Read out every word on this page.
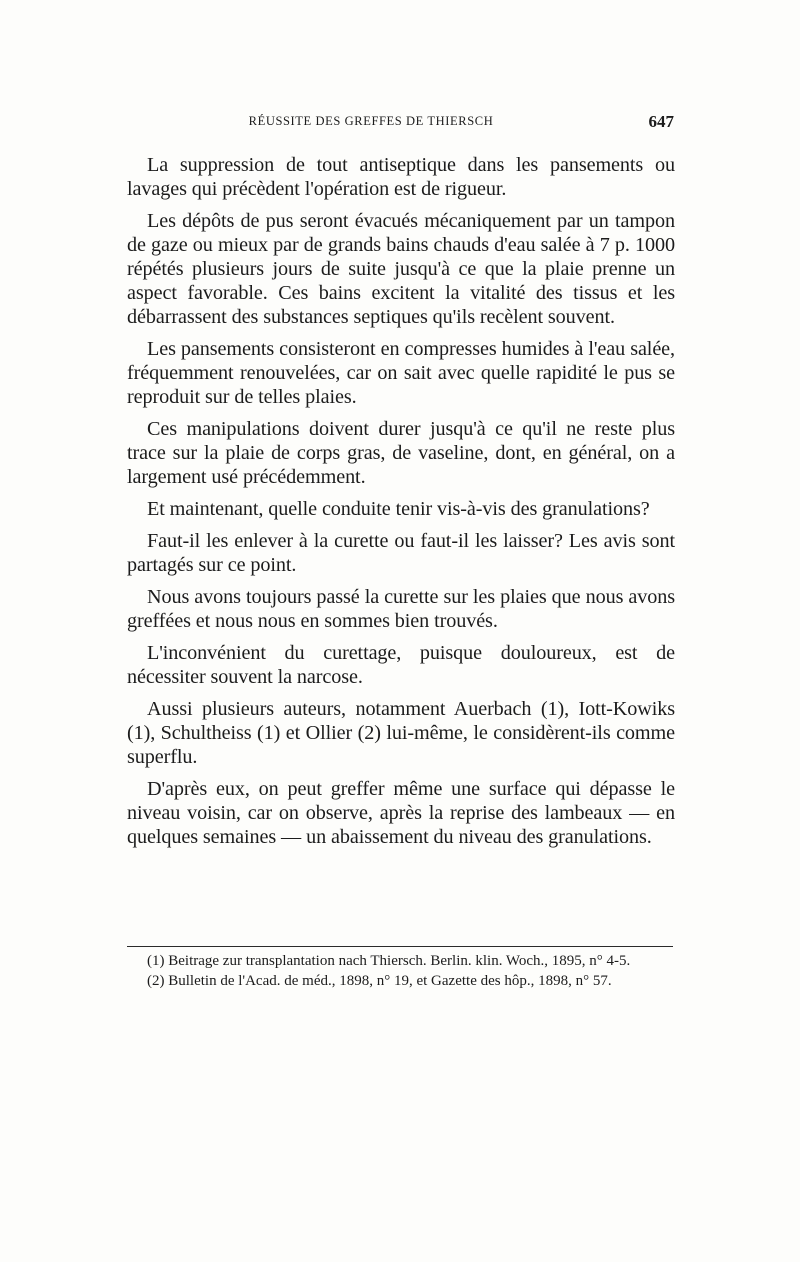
RÉUSSITE DES GREFFES DE THIERSCH	647

La suppression de tout antiseptique dans les pansements ou lavages qui précèdent l'opération est de rigueur.

Les dépôts de pus seront évacués mécaniquement par un tampon de gaze ou mieux par de grands bains chauds d'eau salée à 7 p. 1000 répétés plusieurs jours de suite jusqu'à ce que la plaie prenne un aspect favorable. Ces bains excitent la vitalité des tissus et les débarrassent des substances septiques qu'ils recèlent souvent.

Les pansements consisteront en compresses humides à l'eau salée, fréquemment renouvelées, car on sait avec quelle rapidité le pus se reproduit sur de telles plaies.

Ces manipulations doivent durer jusqu'à ce qu'il ne reste plus trace sur la plaie de corps gras, de vaseline, dont, en général, on a largement usé précédemment.

Et maintenant, quelle conduite tenir vis-à-vis des granulations?

Faut-il les enlever à la curette ou faut-il les laisser? Les avis sont partagés sur ce point.

Nous avons toujours passé la curette sur les plaies que nous avons greffées et nous nous en sommes bien trouvés.

L'inconvénient du curettage, puisque douloureux, est de nécessiter souvent la narcose.

Aussi plusieurs auteurs, notamment Auerbach (1), Iott-Kowiks (1), Schultheiss (1) et Ollier (2) lui-même, le considèrent-ils comme superflu.

D'après eux, on peut greffer même une surface qui dépasse le niveau voisin, car on observe, après la reprise des lambeaux — en quelques semaines — un abaissement du niveau des granulations.

(1) Beitrage zur transplantation nach Thiersch. Berlin. klin. Woch., 1895, n° 4-5.

(2) Bulletin de l'Acad. de méd., 1898, n° 19, et Gazette des hôp., 1898, n° 57.
